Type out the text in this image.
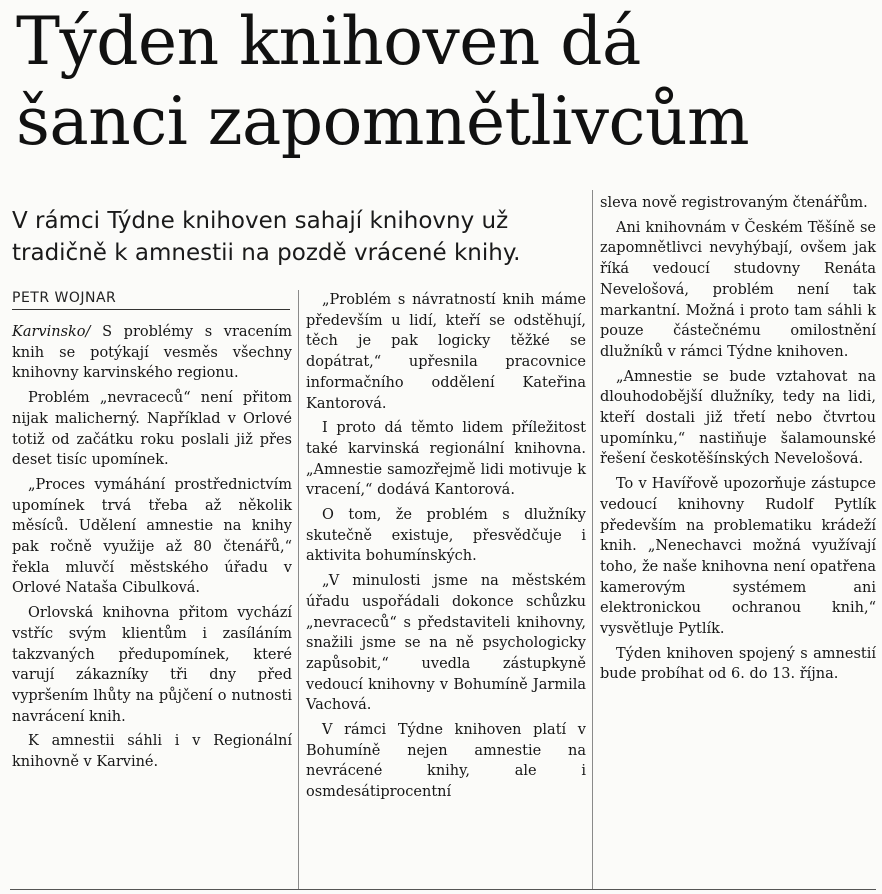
Týden knihoven dá
šanci zapomnětlivcům
V rámci Týdne knihoven sahají knihovny už
tradičně k amnestii na pozdě vrácené knihy.
PETR WOJNAR

Karvinsko/ S problémy s vracením knih se potýkají vesměs všechny knihovny karvinského regionu.

Problém „nevraceců“ není přitom nijak malicherný. Například v Orlové totiž od začátku roku poslali již přes deset tisíc upomínek.

„Proces vymáhání prostřednictvím upomínek trvá třeba až několik měsíců. Udělení amnestie na knihy pak ročně využije až 80 čtenářů,“ řekla mluvčí městského úřadu v Orlové Nataša Cibulková.

Orlovská knihovna přitom vychází vstříc svým klientům i zasíláním takzvaných předupomínek, které varují zákazníky tři dny před vypršením lhůty na půjčení o nutnosti navrácení knih.

K amnestii sáhli i v Regionální knihovně v Karviné.

„Problém s návratností knih máme především u lidí, kteří se odstěhují, těch je pak logicky těžké se dopátrat,“ upřesnila pracovnice informačního oddělení Kateřina Kantorová.

I proto dá těmto lidem příležitost také karvinská regionální knihovna. „Amnestie samozřejmě lidi motivuje k vracení,“ dodává Kantorová.

O tom, že problém s dlužníky skutečně existuje, přesvědčuje i aktivita bohumínských.

„V minulosti jsme na městském úřadu uspořádali dokonce schůzku „nevraceců“ s představiteli knihovny, snažili jsme se na ně psychologicky zapůsobit,“ uvedla zástupkyně vedoucí knihovny v Bohumíně Jarmila Vachová.

V rámci Týdne knihoven platí v Bohumíně nejen amnestie na nevrácené knihy, ale i osmdesátiprocentní

sleva nově registrovaným čtenářům.

Ani knihovnám v Českém Těšíně se zapomnětlivci nevyhýbají, ovšem jak říká vedoucí studovny Renáta Nevelošová, problém není tak markantní. Možná i proto tam sáhli k pouze částečnému omilostnění dlužníků v rámci Týdne knihoven.

„Amnestie se bude vztahovat na dlouhodobější dlužníky, tedy na lidi, kteří dostali již třetí nebo čtvrtou upomínku,“ nastiňuje šalamounské řešení českotěšínských Nevelošová.

To v Havířově upozorňuje zástupce vedoucí knihovny Rudolf Pytlík především na problematiku krádeží knih. „Nenechavci možná využívají toho, že naše knihovna není opatřena kamerovým systémem ani elektronickou ochranou knih,“ vysvětluje Pytlík.

Týden knihoven spojený s amnestií bude probíhat od 6. do 13. října.
